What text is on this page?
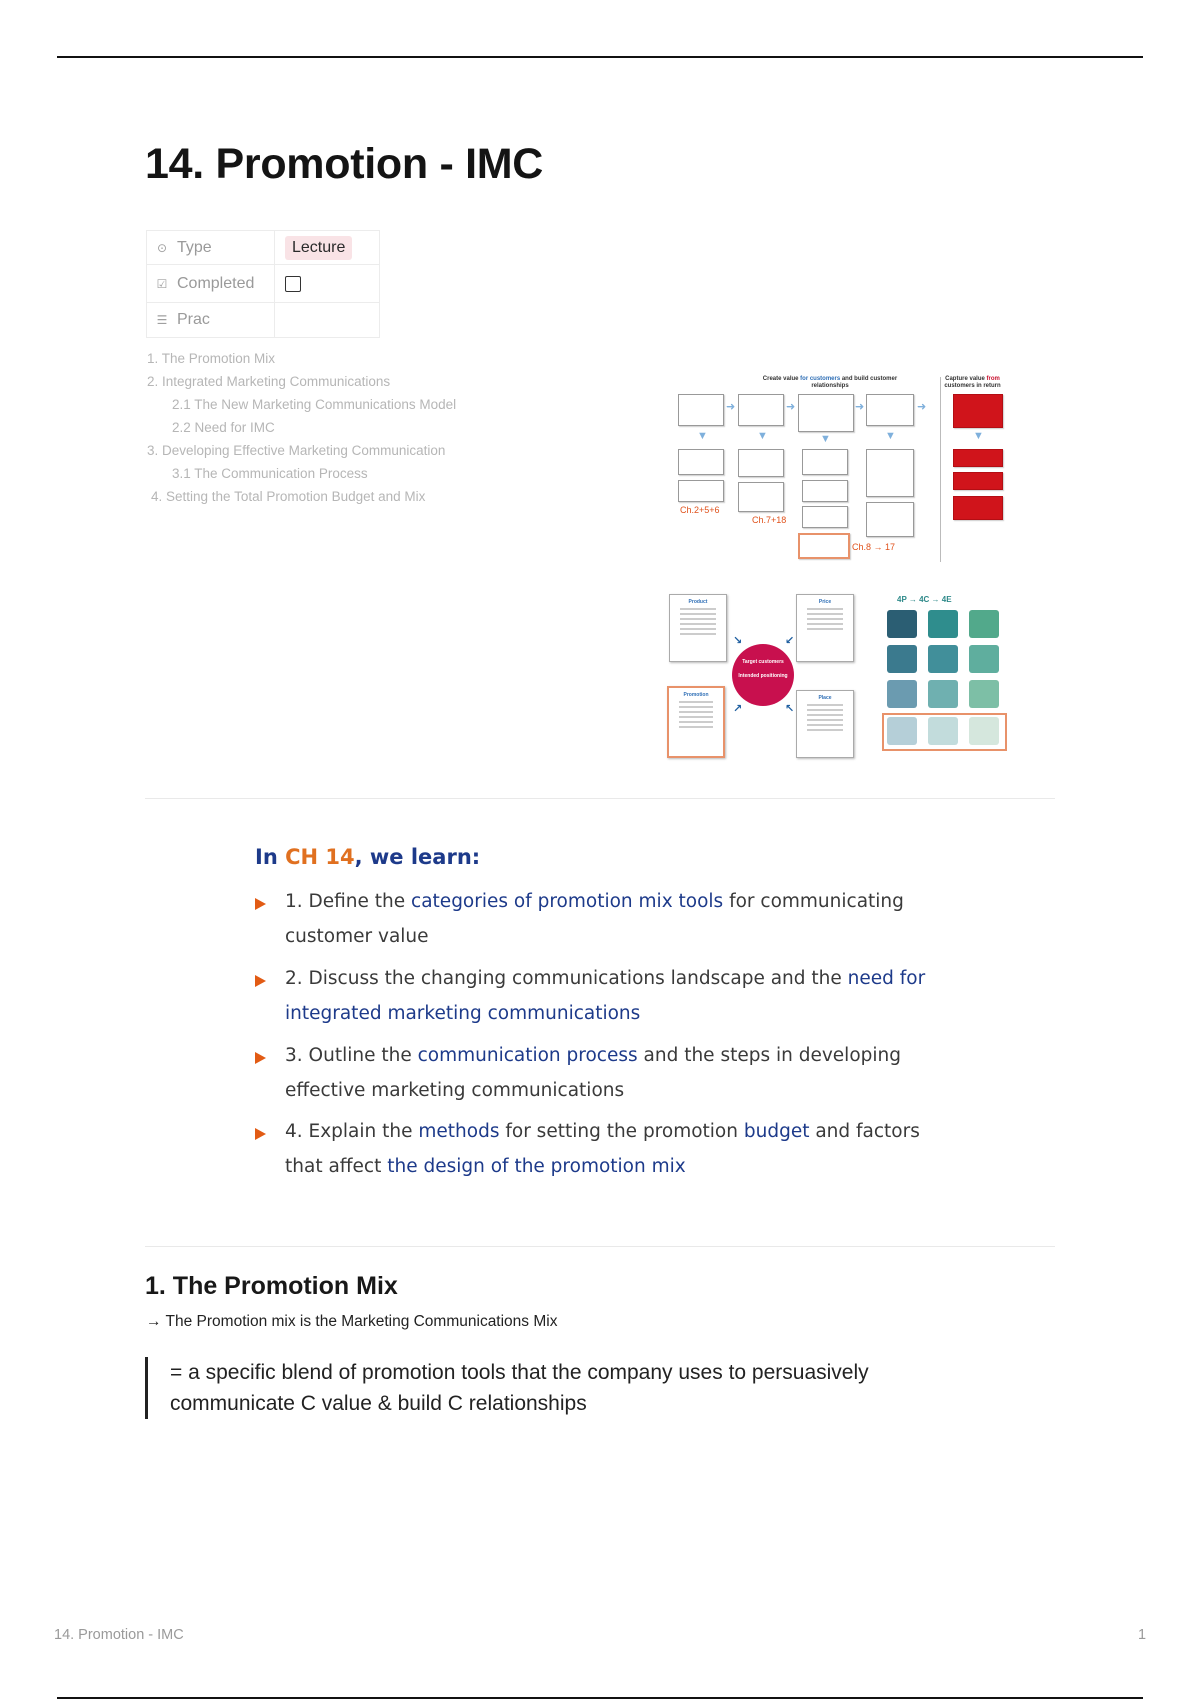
14. Promotion - IMC
⊙ Type	Lecture
☑ Completed
☰ Prac
1. The Promotion Mix
2. Integrated Marketing Communications
2.1 The New Marketing Communications Model
2.2 Need for IMC
3. Developing Effective Marketing Communication
3.1 The Communication Process
4. Setting the Total Promotion Budget and Mix
Create value for customers and build customer relationships
Capture value from customers in return
➜	➜	➜	➜
▼	▼	▼	▼	▼
Ch.2+5+6
Ch.7+18
Ch.8 → 17
Product	Price
Promotion	Place
Target customers
Intended positioning
↘	↙
↗	↖
4P → 4C → 4E
In CH 14, we learn:
1. Define the categories of promotion mix tools for communicating customer value
2. Discuss the changing communications landscape and the need for integrated marketing communications
3. Outline the communication process and the steps in developing effective marketing communications
4. Explain the methods for setting the promotion budget and factors that affect the design of the promotion mix
1. The Promotion Mix
→ The Promotion mix is the Marketing Communications Mix
= a specific blend of promotion tools that the company uses to persuasively communicate C value & build C relationships
14. Promotion - IMC	1
